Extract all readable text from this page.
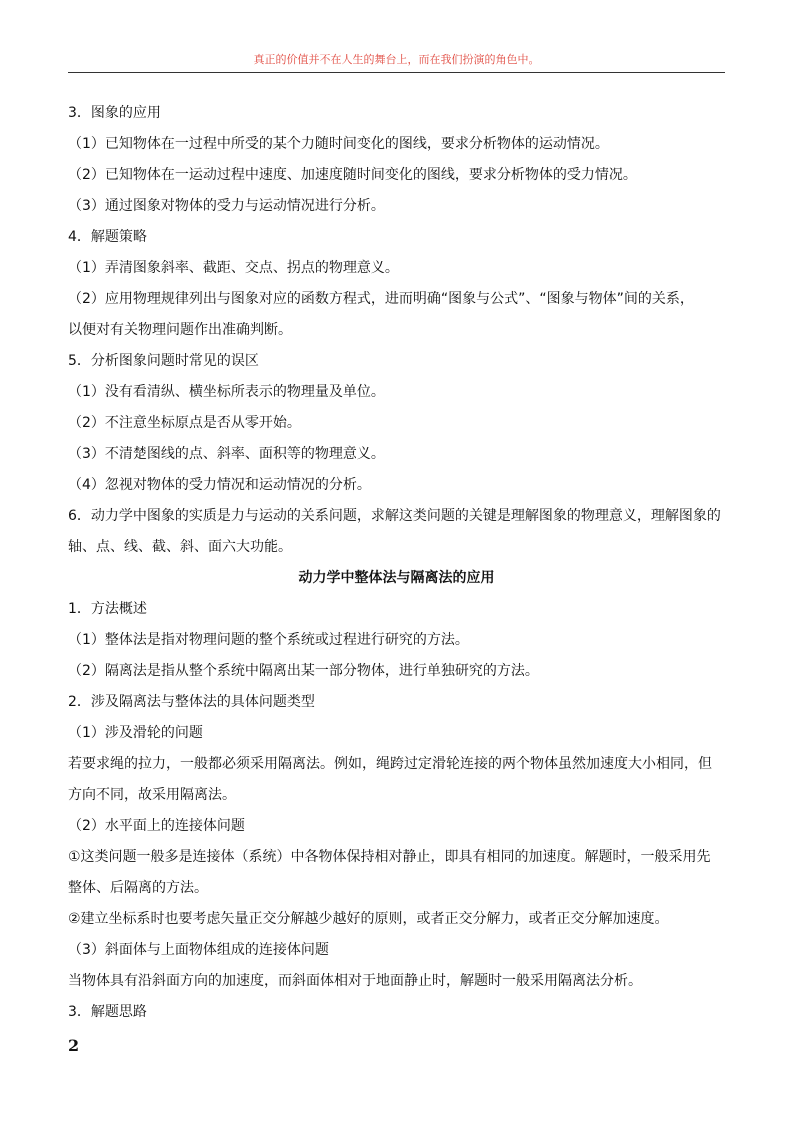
真正的价值并不在人生的舞台上，而在我们扮演的角色中。

3．图象的应用

（1）已知物体在一过程中所受的某个力随时间变化的图线，要求分析物体的运动情况。

（2）已知物体在一运动过程中速度、加速度随时间变化的图线，要求分析物体的受力情况。

（3）通过图象对物体的受力与运动情况进行分析。

4．解题策略

（1）弄清图象斜率、截距、交点、拐点的物理意义。

（2）应用物理规律列出与图象对应的函数方程式，进而明确“图象与公式”、“图象与物体”间的关系，

以便对有关物理问题作出准确判断。

5．分析图象问题时常见的误区

（1）没有看清纵、横坐标所表示的物理量及单位。

（2）不注意坐标原点是否从零开始。

（3）不清楚图线的点、斜率、面积等的物理意义。

（4）忽视对物体的受力情况和运动情况的分析。

6．动力学中图象的实质是力与运动的关系问题，求解这类问题的关键是理解图象的物理意义，理解图象的

轴、点、线、截、斜、面六大功能。

动力学中整体法与隔离法的应用

1．方法概述

（1）整体法是指对物理问题的整个系统或过程进行研究的方法。

（2）隔离法是指从整个系统中隔离出某一部分物体，进行单独研究的方法。

2．涉及隔离法与整体法的具体问题类型

（1）涉及滑轮的问题

若要求绳的拉力，一般都必须采用隔离法。例如，绳跨过定滑轮连接的两个物体虽然加速度大小相同，但

方向不同，故采用隔离法。

（2）水平面上的连接体问题

①这类问题一般多是连接体（系统）中各物体保持相对静止，即具有相同的加速度。解题时，一般采用先

整体、后隔离的方法。

②建立坐标系时也要考虑矢量正交分解越少越好的原则，或者正交分解力，或者正交分解加速度。

（3）斜面体与上面物体组成的连接体问题

当物体具有沿斜面方向的加速度，而斜面体相对于地面静止时，解题时一般采用隔离法分析。

3．解题思路

2
